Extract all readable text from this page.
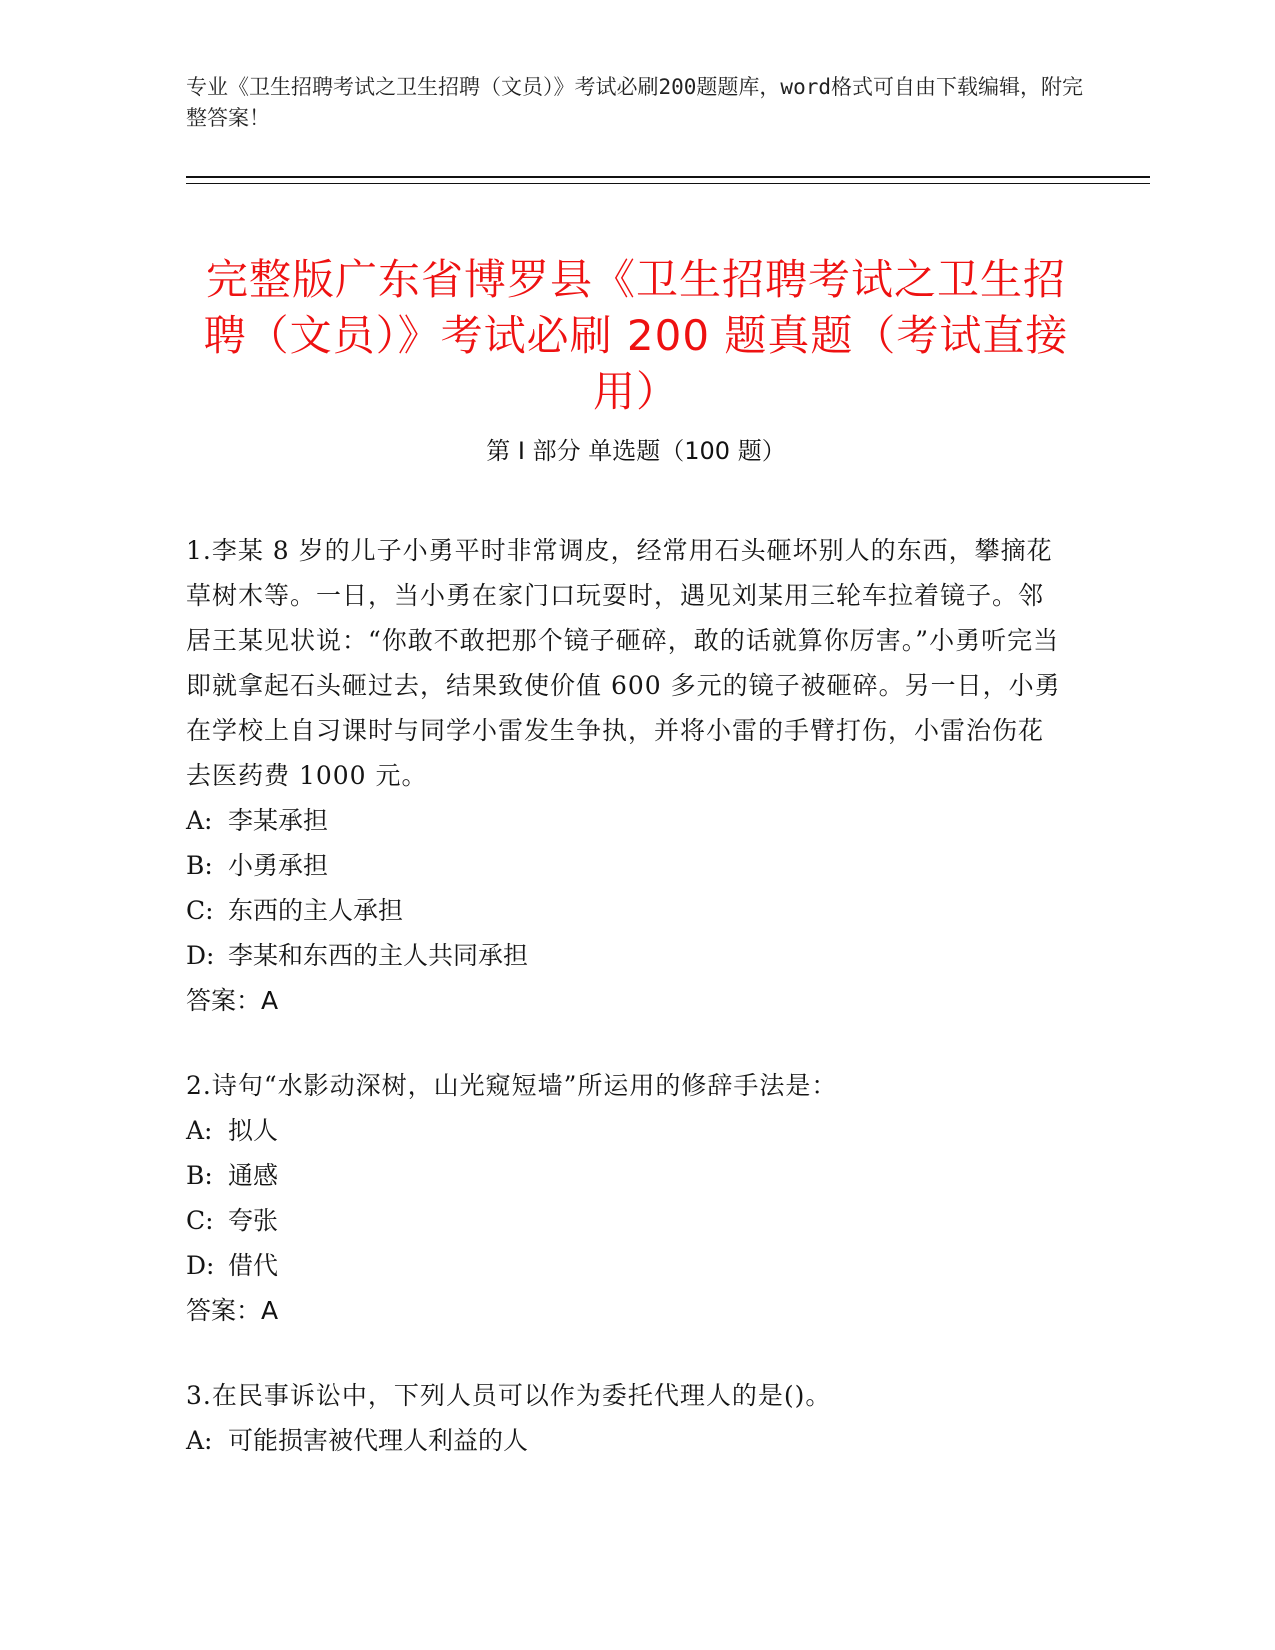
专业《卫生招聘考试之卫生招聘（文员）》考试必刷200题题库，word格式可自由下载编辑，附完整答案！
完整版广东省博罗县《卫生招聘考试之卫生招聘（文员）》考试必刷 200 题真题（考试直接用）
第 I 部分 单选题（100 题）
1.李某 8 岁的儿子小勇平时非常调皮，经常用石头砸坏别人的东西，攀摘花草树木等。一日，当小勇在家门口玩耍时，遇见刘某用三轮车拉着镜子。邻居王某见状说：“你敢不敢把那个镜子砸碎，敢的话就算你厉害。”小勇听完当即就拿起石头砸过去，结果致使价值 600 多元的镜子被砸碎。另一日，小勇在学校上自习课时与同学小雷发生争执，并将小雷的手臂打伤，小雷治伤花去医药费 1000 元。
A: 李某承担
B: 小勇承担
C: 东西的主人承担
D: 李某和东西的主人共同承担
答案：A
2.诗句“水影动深树，山光窥短墙”所运用的修辞手法是：
A: 拟人
B: 通感
C: 夸张
D: 借代
答案：A
3.在民事诉讼中，下列人员可以作为委托代理人的是()。
A: 可能损害被代理人利益的人
